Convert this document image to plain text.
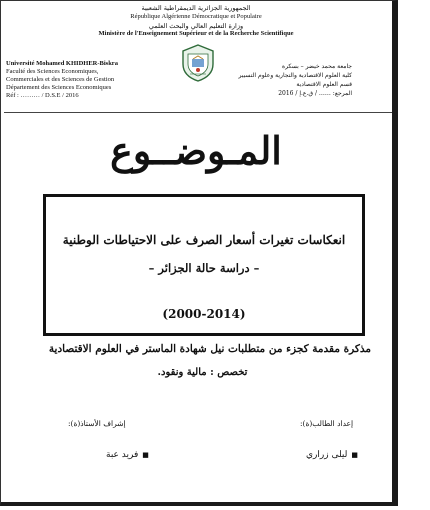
الجمهورية الجزائرية الديمقراطية الشعبية
République Algérienne Démocratique et Populaire
وزارة التعليم العالي والبحث العلمي
Ministère de l'Enseignement Supérieur et de la Recherche Scientifique
Université Mohamed KHIDHER-Biskra
Faculté des Sciences Economiques,
Commerciales et des Sciences de Gestion
Département des Sciences Economiques
Réf : ……… / D.S.E / 2016
جامعة محمد خيضر – بسكرة
كلية العلوم الاقتصادية والتجارية وعلوم التسيير
قسم العلوم الاقتصادية
المرجع: …… / ق.ع.إ / 2016
المـوضــوع
انعكاسات تغيرات أسعار الصرف على الاحتياطات الوطنية
– دراسة حالة الجزائر –
(2000-2014)
مذكرة مقدمة كجزء من متطلبات نيل شهادة الماستر في العلوم الاقتصادية
تخصص : مالية ونقود.
إشراف الأستاذ(ة):	إعداد الطالب(ة):
■فريد عبة	■ليلى زراري
